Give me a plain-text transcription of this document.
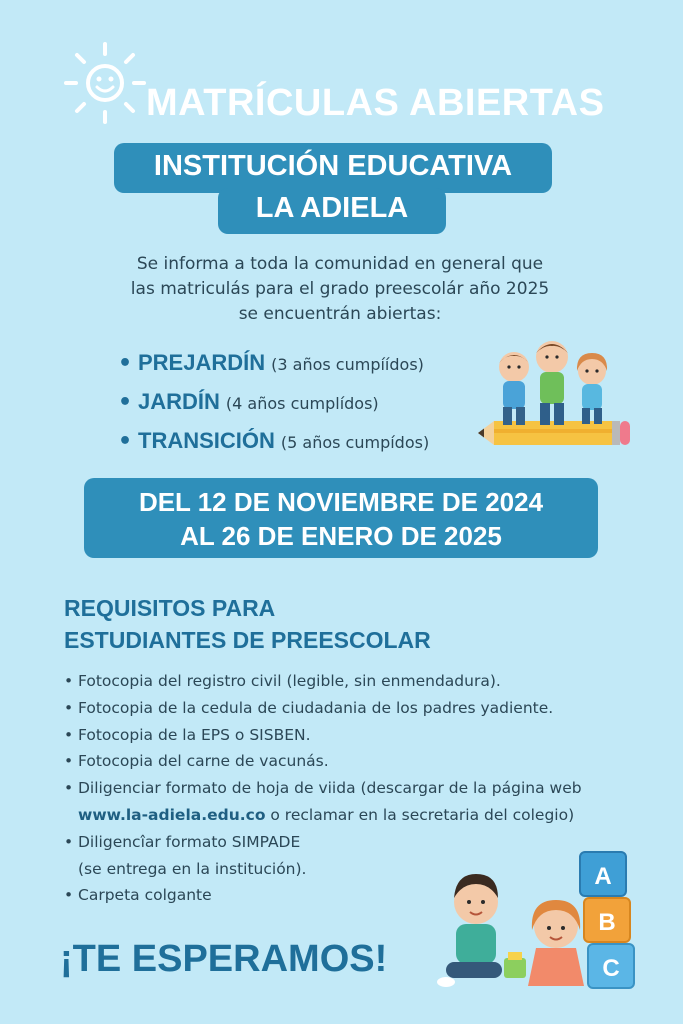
MATRÍCULAS ABIERTAS
INSTITUCIÓN EDUCATIVA
LA ADIELA
Se informa a toda la comunidad en general que
las matriculás para el grado preescolár año 2025
se encuentrán abiertas:
• PREJARDÍN (3 años cumpíídos)
• JARDÍN (4 años cumplídos)
• TRANSICIÓN (5 años cumpídos)
DEL 12 DE NOVIEMBRE DE 2024
AL 26 DE ENERO DE 2025
REQUISITOS PARA
ESTUDIANTES DE PREESCOLAR
• Fotocopia del registro civil (legible, sin enmendadura).
• Fotocopia de la cedula de ciudadania de los padres yadiente.
• Fotocopia de la EPS o SISBEN.
• Fotocopia del carne de vacunás.
• Diligenciar formato de hoja de viida (descargar de la página web
www.la-adiela.edu.co o reclamar en la secretaria del colegio)
• Diligencîar formato SIMPADE
(se entrega en la institución).
• Carpeta colgante
¡TE ESPERAMOS!
A
B
C
